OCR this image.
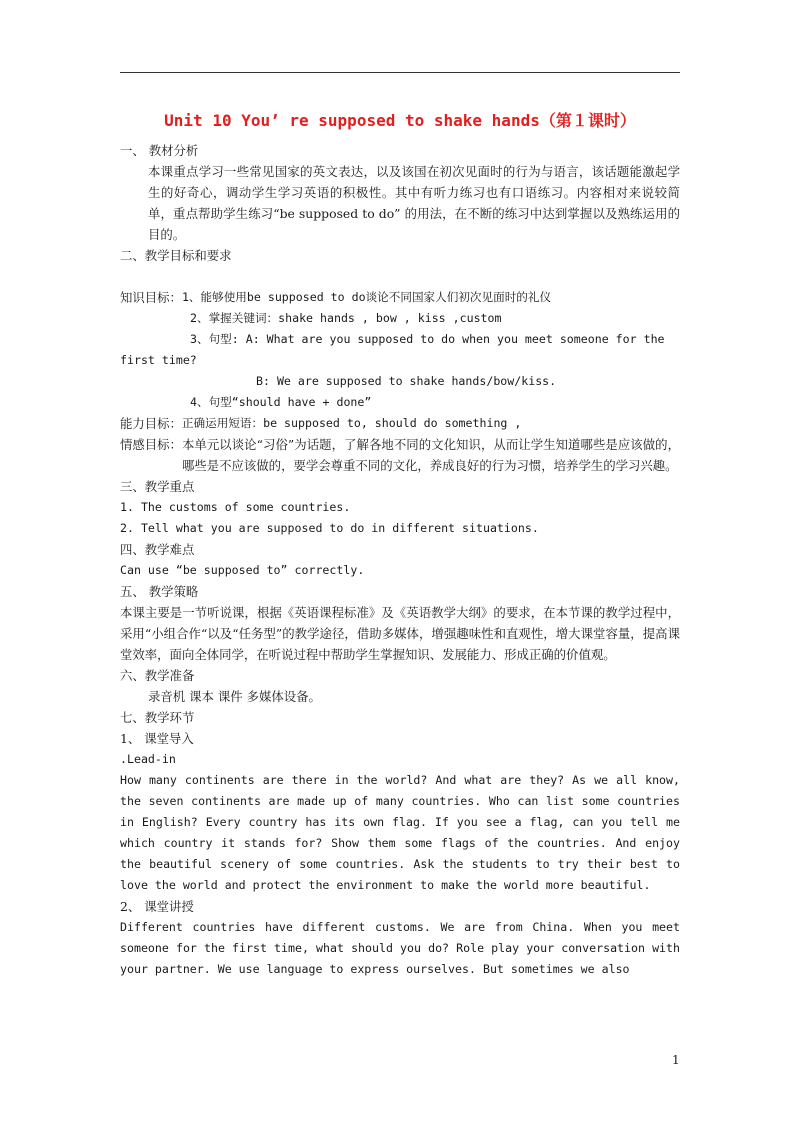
Unit 10 You’ re supposed to shake hands（第１课时）
一、 教材分析
本课重点学习一些常见国家的英文表达，以及该国在初次见面时的行为与语言，该话题能激起学生的好奇心，调动学生学习英语的积极性。其中有听力练习也有口语练习。内容相对来说较简单，重点帮助学生练习“be supposed to do” 的用法，在不断的练习中达到掌握以及熟练运用的目的。
二、教学目标和要求
知识目标： 1、能够使用be supposed to do谈论不同国家人们初次见面时的礼仪
2、掌握关键词：shake hands , bow , kiss ,custom
3、句型: A: What are you supposed to do when you meet someone for the
first time?
B: We are supposed to shake hands/bow/kiss.
4、句型“should have + done”
能力目标： 正确运用短语：be supposed to, should do something ,
情感目标： 本单元以谈论“习俗”为话题，了解各地不同的文化知识，从而让学生知道哪些是应该做的，哪些是不应该做的，要学会尊重不同的文化，养成良好的行为习惯，培养学生的学习兴趣。
三、教学重点
1. The customs of some countries.
2. Tell what you are supposed to do in different situations.
四、教学难点
Can use “be supposed to” correctly.
五、 教学策略
本课主要是一节听说课，根据《英语课程标准》及《英语教学大纲》的要求，在本节课的教学过程中，采用“小组合作“以及“任务型”的教学途径，借助多媒体，增强趣味性和直观性，增大课堂容量，提高课堂效率，面向全体同学，在听说过程中帮助学生掌握知识、发展能力、形成正确的价值观。
六、教学准备
录音机 课本 课件 多媒体设备。
七、教学环节
1、 课堂导入
.Lead-in
How many continents are there in the world? And what are they? As we all know, the seven continents are made up of many countries. Who can list some countries in English? Every country has its own flag. If you see a flag, can you tell me which country it stands for? Show them some flags of the countries. And enjoy the beautiful scenery of some countries. Ask the students to try their best to love the world and protect the environment to make the world more beautiful.
2、 课堂讲授
Different countries have different customs. We are from China. When you meet someone for the first time, what should you do? Role play your conversation with your partner. We use language to express ourselves. But sometimes we also
1
